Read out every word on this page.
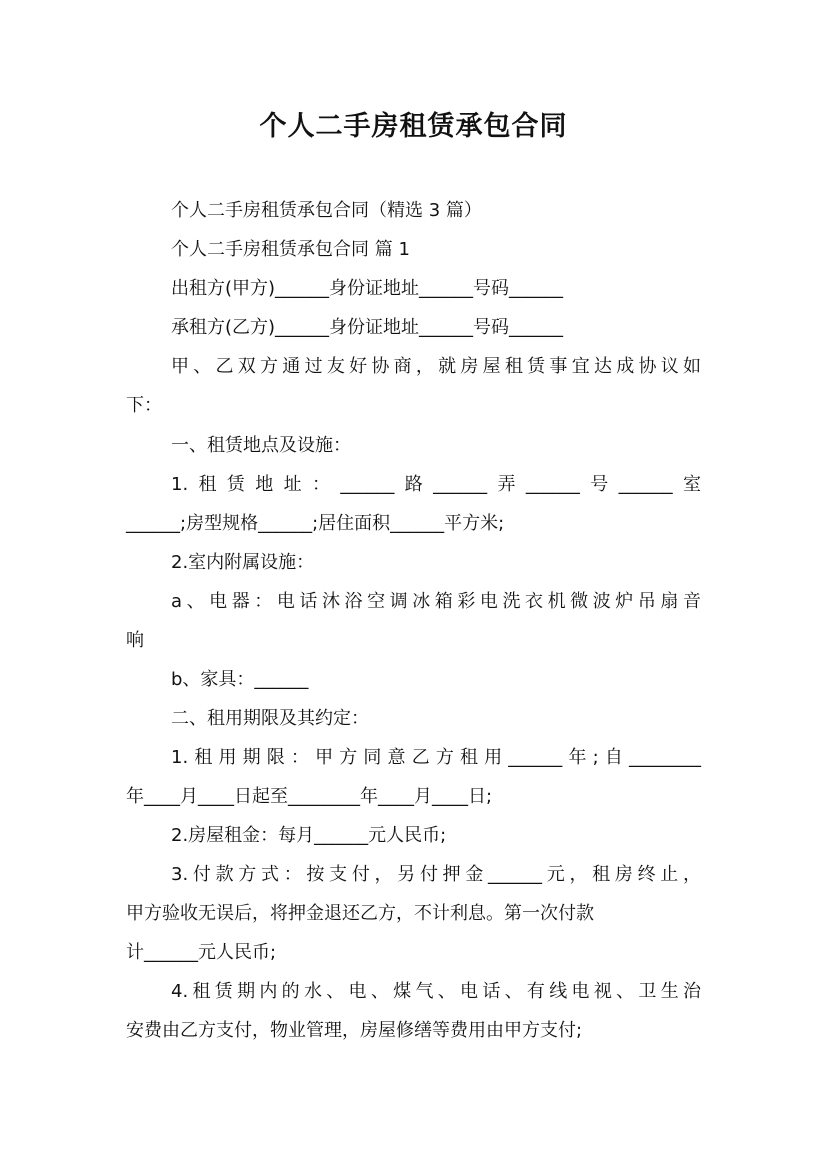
个人二手房租赁承包合同
个人二手房租赁承包合同（精选 3 篇）
个人二手房租赁承包合同 篇 1
出租方(甲方)______身份证地址______号码______
承租方(乙方)______身份证地址______号码______
甲、乙双方通过友好协商，就房屋租赁事宜达成协议如
下：
一、租赁地点及设施：
1.租赁地址：______路______弄______号______室
______;房型规格______;居住面积______平方米;
2.室内附属设施：
a、电器：电话沐浴空调冰箱彩电洗衣机微波炉吊扇音
响
b、家具：______
二、租用期限及其约定：
1.租用期限：甲方同意乙方租用______年;自________
年____月____日起至________年____月____日;
2.房屋租金：每月______元人民币;
3.付款方式：按支付，另付押金______元，租房终止，
甲方验收无误后，将押金退还乙方，不计利息。第一次付款
计______元人民币;
4.租赁期内的水、电、煤气、电话、有线电视、卫生治
安费由乙方支付，物业管理，房屋修缮等费用由甲方支付;
